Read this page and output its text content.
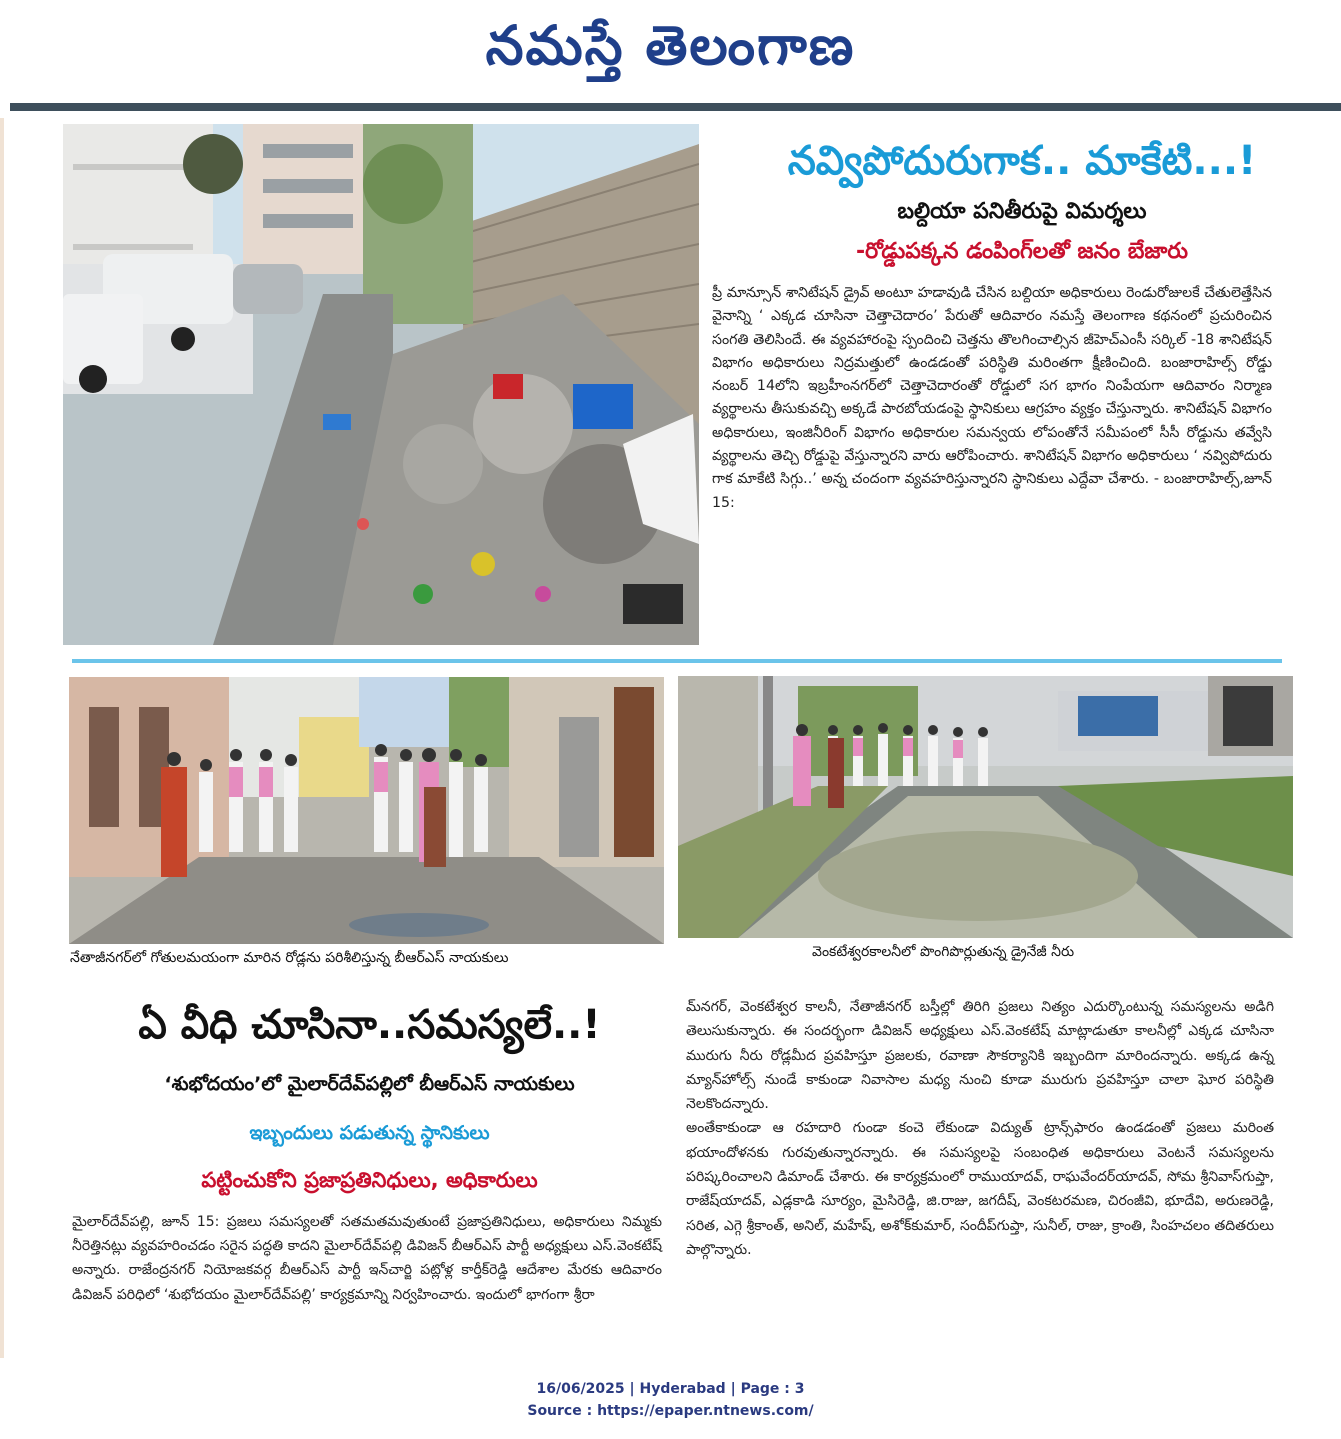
నమస్తే తెలంగాణ
నవ్విపోదురుగాక.. మాకేటి...!
బల్దియా పనితీరుపై విమర్శలు
-రోడ్డుపక్కన డంపింగ్‌లతో జనం బేజారు

ప్రీ మాన్సూన్ శానిటేషన్ డ్రైవ్ అంటూ హడావుడి చేసిన బల్దియా అధికారులు రెండురోజులకే చేతులెత్తేసిన వైనాన్ని ‘ ఎక్కడ చూసినా చెత్తాచెదారం’ పేరుతో ఆదివారం నమస్తే తెలంగాణ కథనంలో ప్రచురించిన సంగతి తెలిసిందే. ఈ వ్యవహారంపై స్పందించి చెత్తను తొలగించాల్సిన జీహెచ్ఎంసీ సర్కిల్ -18 శానిటేషన్ విభాగం అధికారులు నిద్రమత్తులో ఉండడంతో పరిస్థితి మరింతగా క్షీణించింది. బంజారాహిల్స్ రోడ్డు నంబర్ 14లోని ఇబ్రహీంనగర్‌లో చెత్తాచెదారంతో రోడ్డులో సగ భాగం నింపేయగా ఆదివారం నిర్మాణ వ్యర్థాలను తీసుకువచ్చి అక్కడే పారబోయడంపై స్థానికులు ఆగ్రహం వ్యక్తం చేస్తున్నారు. శానిటేషన్ విభాగం అధికారులు, ఇంజినీరింగ్ విభాగం అధికారుల సమన్వయ లోపంతోనే సమీపంలో సీసీ రోడ్డును తవ్వేసి వ్యర్థాలను తెచ్చి రోడ్డుపై వేస్తున్నారని వారు ఆరోపించారు. శానిటేషన్ విభాగం అధికారులు ‘ నవ్విపోదురు గాక మాకేటి సిగ్గు..’ అన్న చందంగా వ్యవహరిస్తున్నారని స్థానికులు ఎద్దేవా చేశారు. - బంజారాహిల్స్,జూన్ 15:

నేతాజీనగర్‌లో గోతులమయంగా మారిన రోడ్లను పరిశీలిస్తున్న బీఆర్ఎస్ నాయకులు	వెంకటేశ్వరకాలనీలో పొంగిపొర్లుతున్న డ్రైనేజీ నీరు
ఏ వీధి చూసినా..సమస్యలే..!
‘శుభోదయం’లో మైలార్‌దేవ్‌పల్లిలో బీఆర్ఎస్ నాయకులు
ఇబ్బందులు పడుతున్న స్థానికులు
పట్టించుకోని ప్రజాప్రతినిధులు, అధికారులు
మైలార్‌దేవ్‌పల్లి, జూన్ 15: ప్రజలు సమస్యలతో సతమతమవుతుంటే ప్రజాప్రతినిధులు, అధికారులు నిమ్మకు నీరెత్తినట్లు వ్యవహరించడం సరైన పద్ధతి కాదని మైలార్‌దేవ్‌పల్లి డివిజన్ బీఆర్ఎస్ పార్టీ అధ్యక్షులు ఎస్.వెంకటేష్ అన్నారు. రాజేంద్రనగర్ నియోజకవర్గ బీఆర్ఎస్ పార్టీ ఇన్‌చార్జి పట్లోళ్ల కార్తీక్‌రెడ్డి ఆదేశాల మేరకు ఆదివారం డివిజన్ పరిధిలో ‘శుభోదయం మైలార్‌దేవ్‌పల్లి’ కార్యక్రమాన్ని నిర్వహించారు. ఇందులో భాగంగా శ్రీరా

మ్‌నగర్, వెంకటేశ్వర కాలనీ, నేతాజీనగర్ బస్తీల్లో తిరిగి ప్రజలు నిత్యం ఎదుర్కొంటున్న సమస్యలను అడిగి తెలుసుకున్నారు. ఈ సందర్భంగా డివిజన్ అధ్యక్షులు ఎస్.వెంకటేష్ మాట్లాడుతూ కాలనీల్లో ఎక్కడ చూసినా మురుగు నీరు రోడ్లమీద ప్రవహిస్తూ ప్రజలకు, రవాణా సౌకర్యానికి ఇబ్బందిగా మారిందన్నారు. అక్కడ ఉన్న మ్యాన్‌హోల్స్ నుండే కాకుండా నివాసాల మధ్య నుంచి కూడా మురుగు ప్రవహిస్తూ చాలా ఘోర పరిస్థితి నెలకొందన్నారు.

అంతేకాకుండా ఆ రహదారి గుండా కంచె లేకుండా విద్యుత్ ట్రాన్స్‌ఫారం ఉండడంతో ప్రజలు మరింత భయాందోళనకు గురవుతున్నారన్నారు. ఈ సమస్యలపై సంబంధిత అధికారులు వెంటనే సమస్యలను పరిష్కరించాలని డిమాండ్ చేశారు. ఈ కార్యక్రమంలో రాముయాదవ్, రాఘవేందర్‌యాదవ్, సోమ శ్రీనివాస్‌గుప్తా, రాజేష్‌యాదవ్, ఎడ్లకాడి సూర్యం, మైసిరెడ్డి, జి.రాజు, జగదీష్, వెంకటరమణ, చిరంజీవి, భూదేవి, అరుణరెడ్డి, సరిత, ఎగ్గె శ్రీకాంత్, అనిల్, మహేష్, అశోక్‌కుమార్, సందీప్‌గుప్తా, సునీల్, రాజు, క్రాంతి, సింహచలం తదితరులు పాల్గొన్నారు.

16/06/2025 | Hyderabad | Page : 3
Source : https://epaper.ntnews.com/
